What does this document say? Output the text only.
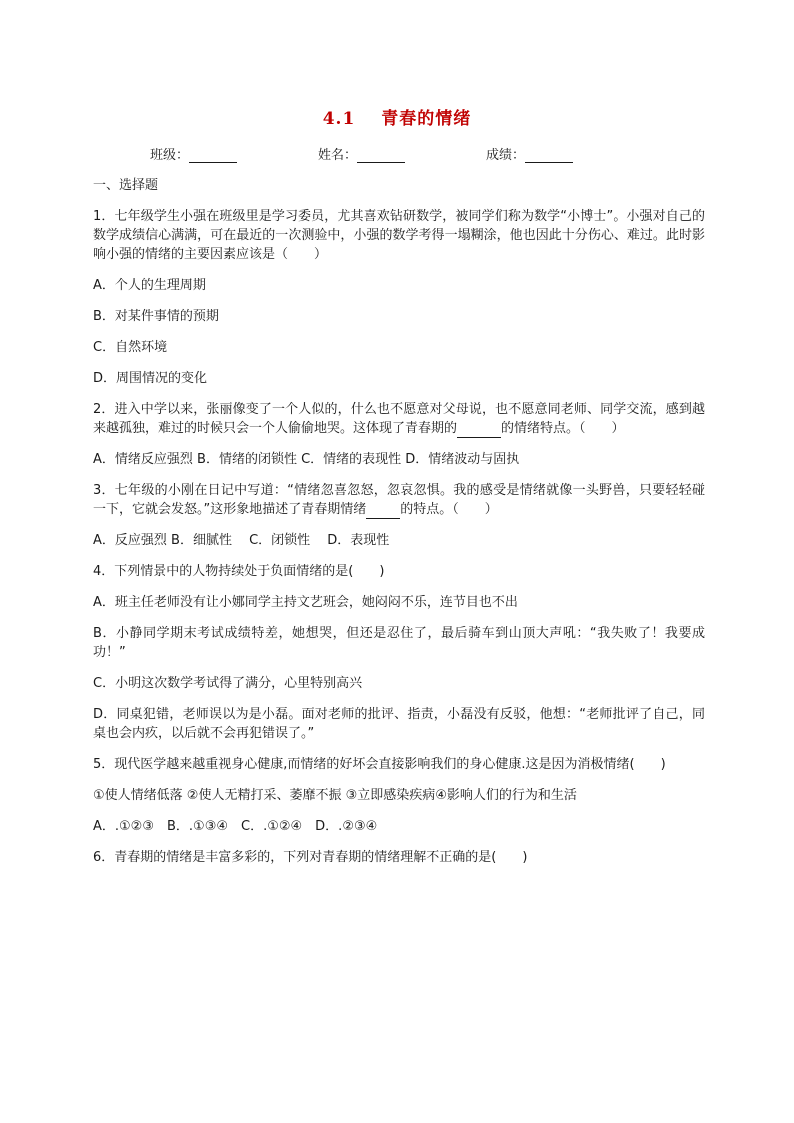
4.1 青春的情绪
班级：	姓名：	成绩：

一、选择题

1．七年级学生小强在班级里是学习委员，尤其喜欢钻研数学，被同学们称为数学“小博士”。小强对自己的数学成绩信心满满，可在最近的一次测验中，小强的数学考得一塌糊涂，他也因此十分伤心、难过。此时影响小强的情绪的主要因素应该是（　　）

A．个人的生理周期

B．对某件事情的预期

C．自然环境

D．周围情况的变化

2．进入中学以来，张丽像变了一个人似的，什么也不愿意对父母说，也不愿意同老师、同学交流，感到越来越孤独，难过的时候只会一个人偷偷地哭。这体现了青春期的	的情绪特点。（　　）

A．情绪反应强烈 B．情绪的闭锁性 C．情绪的表现性 D．情绪波动与固执

3．七年级的小刚在日记中写道：“情绪忽喜忽怒，忽哀忽惧。我的感受是情绪就像一头野兽，只要轻轻碰一下，它就会发怒。”这形象地描述了青春期情绪	的特点。（　　）

A．反应强烈 B．细腻性　 C．闭锁性　 D．表现性

4．下列情景中的人物持续处于负面情绪的是(　　)

A．班主任老师没有让小娜同学主持文艺班会，她闷闷不乐，连节目也不出

B．小静同学期末考试成绩特差，她想哭，但还是忍住了，最后骑车到山顶大声吼：“我失败了！我要成功！”

C．小明这次数学考试得了满分，心里特别高兴

D．同桌犯错，老师误以为是小磊。面对老师的批评、指责，小磊没有反驳，他想：“老师批评了自己，同桌也会内疚，以后就不会再犯错误了。”

5．现代医学越来越重视身心健康,而情绪的好坏会直接影响我们的身心健康.这是因为消极情绪(　　)

①使人情绪低落 ②使人无精打采、萎靡不振 ③立即感染疾病④影响人们的行为和生活

A．.①②③　B．.①③④　C．.①②④　D．.②③④

6．青春期的情绪是丰富多彩的，下列对青春期的情绪理解不正确的是(　　)
